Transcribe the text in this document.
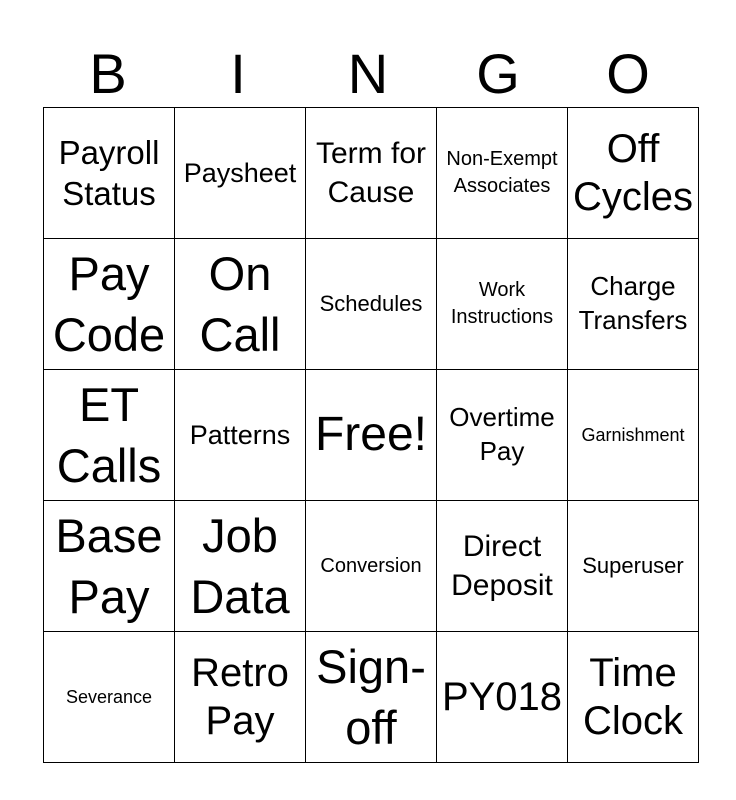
B	I	N	G	O
Payroll Status	Paysheet	Term for Cause	Non-Exempt Associates	Off Cycles

Pay Code	On Call	Schedules	Work Instructions	Charge Transfers

ET Calls	Patterns	Free!	Overtime Pay	Garnishment

Base Pay	Job Data	Conversion	Direct Deposit	Superuser

Severance	Retro Pay	Sign-off	PY018	Time Clock
